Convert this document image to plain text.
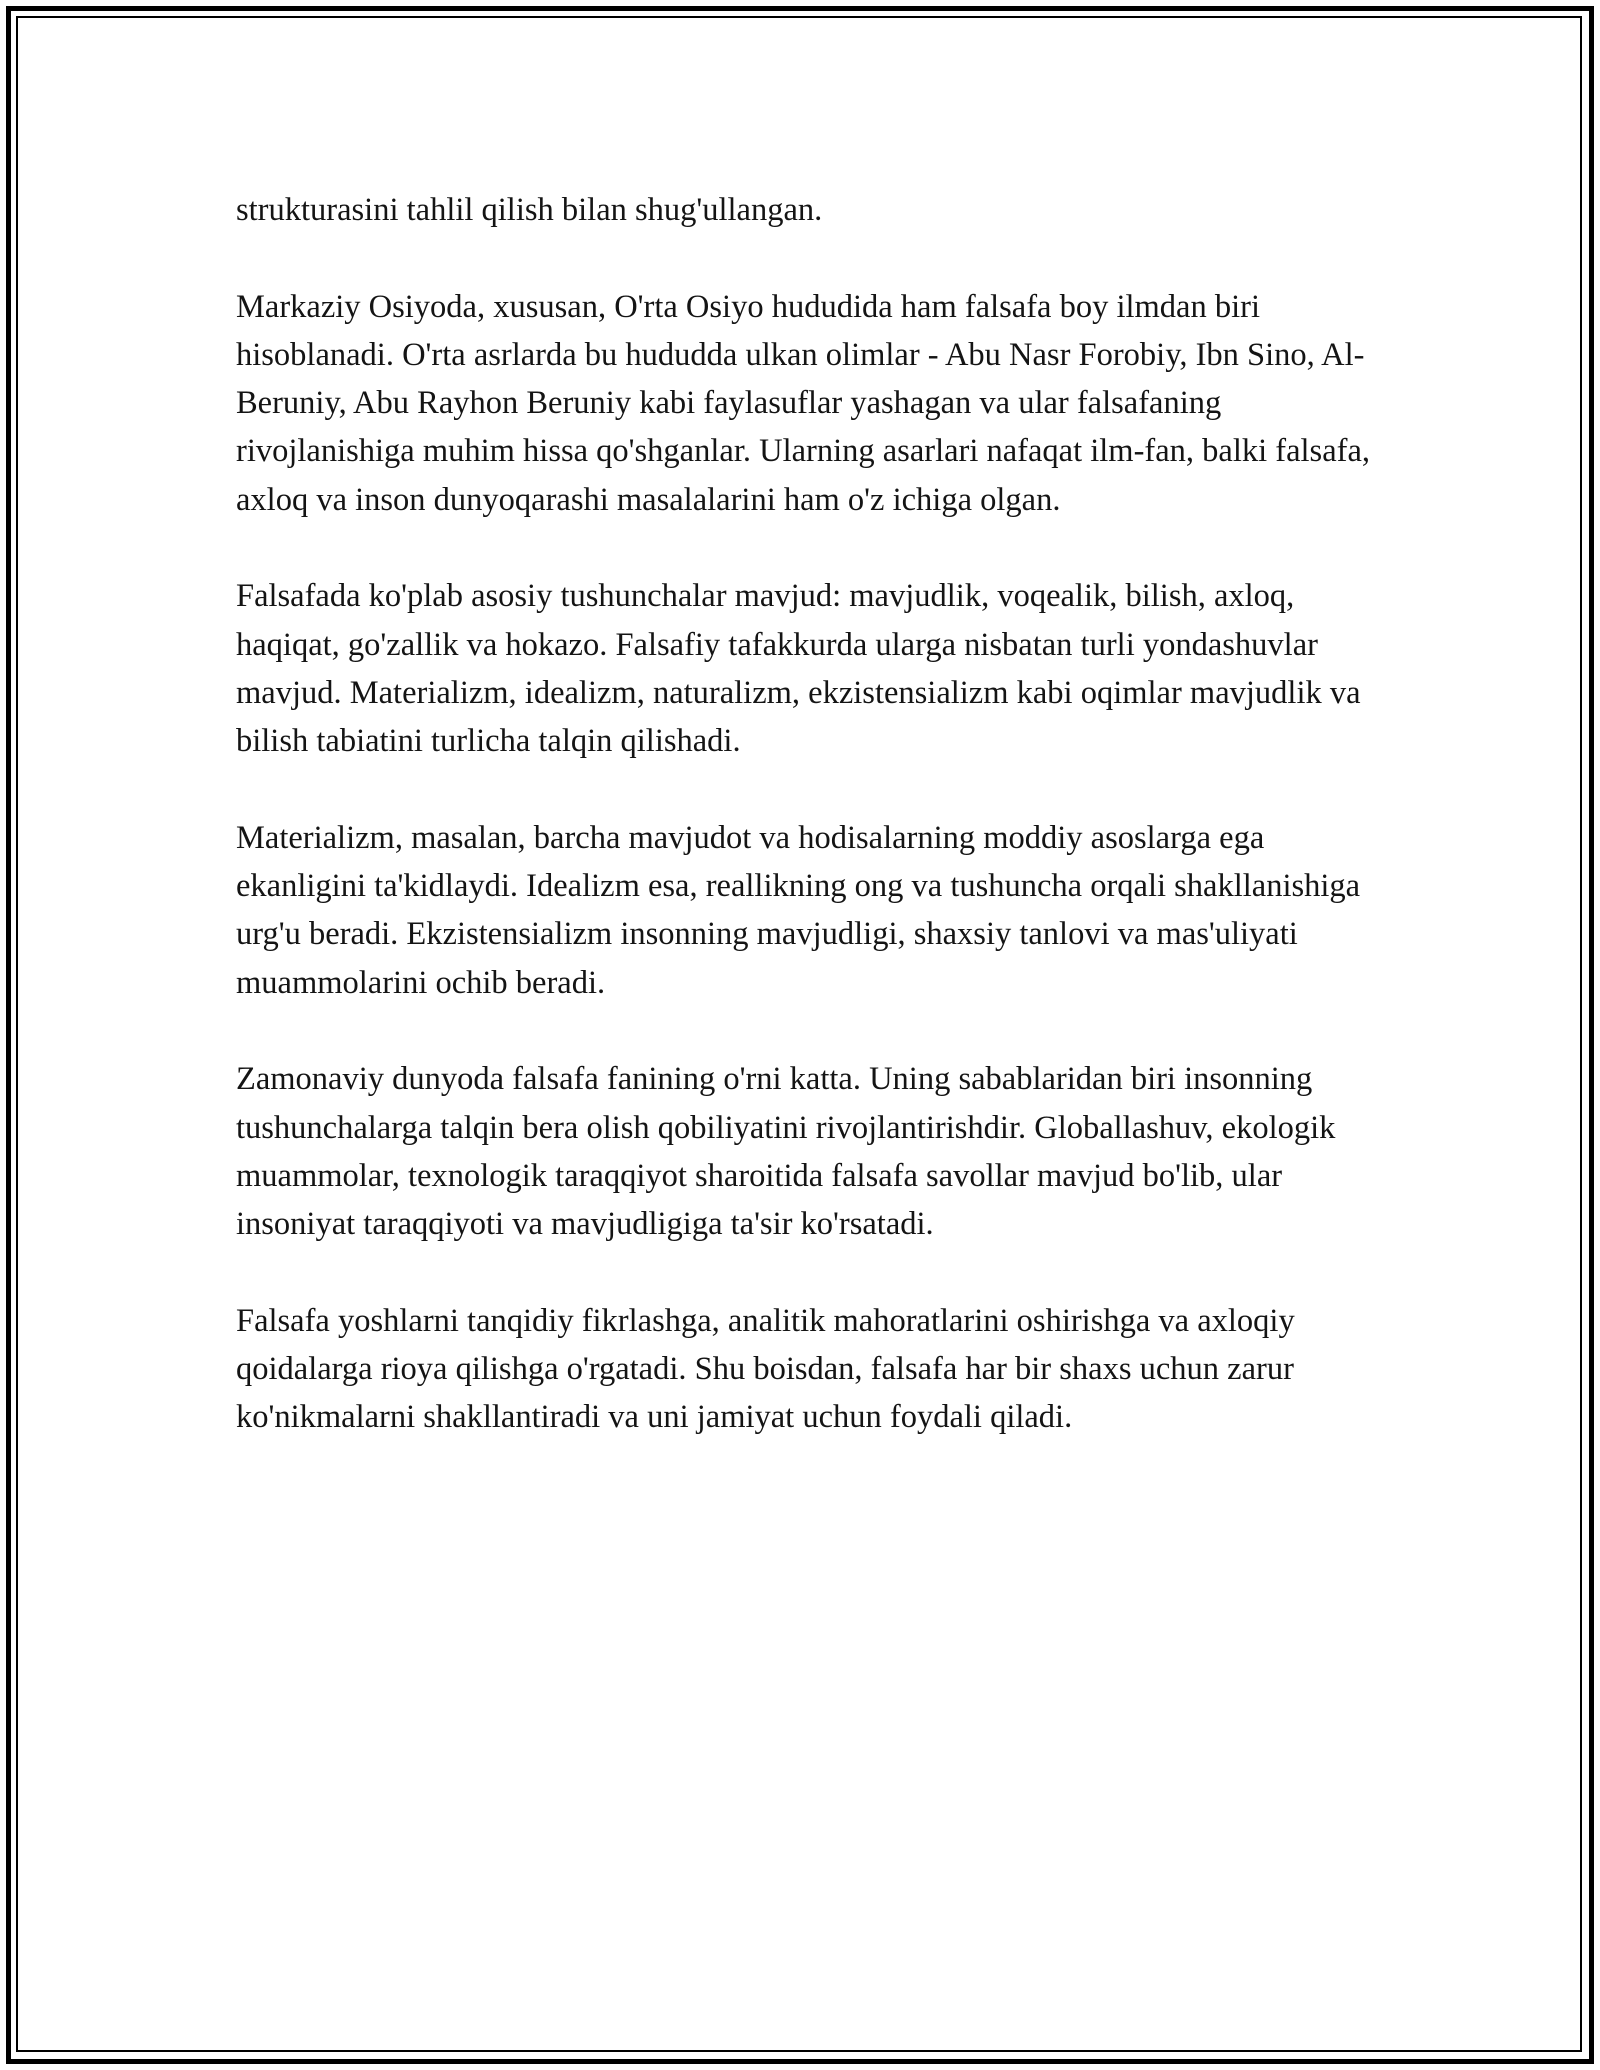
strukturasini tahlil qilish bilan shug'ullangan.

Markaziy Osiyoda, xususan, O'rta Osiyo hududida ham falsafa boy ilmdan biri hisoblanadi. O'rta asrlarda bu hududda ulkan olimlar - Abu Nasr Forobiy, Ibn Sino, Al-Beruniy, Abu Rayhon Beruniy kabi faylasuflar yashagan va ular falsafaning rivojlanishiga muhim hissa qo'shganlar. Ularning asarlari nafaqat ilm-fan, balki falsafa, axloq va inson dunyoqarashi masalalarini ham o'z ichiga olgan.

Falsafada ko'plab asosiy tushunchalar mavjud: mavjudlik, voqealik, bilish, axloq, haqiqat, go'zallik va hokazo. Falsafiy tafakkurda ularga nisbatan turli yondashuvlar mavjud. Materializm, idealizm, naturalizm, ekzistensializm kabi oqimlar mavjudlik va bilish tabiatini turlicha talqin qilishadi.

Materializm, masalan, barcha mavjudot va hodisalarning moddiy asoslarga ega ekanligini ta'kidlaydi. Idealizm esa, reallikning ong va tushuncha orqali shakllanishiga urg'u beradi. Ekzistensializm insonning mavjudligi, shaxsiy tanlovi va mas'uliyati muammolarini ochib beradi.

Zamonaviy dunyoda falsafa fanining o'rni katta. Uning sabablaridan biri insonning tushunchalarga talqin bera olish qobiliyatini rivojlantirishdir. Globallashuv, ekologik muammolar, texnologik taraqqiyot sharoitida falsafa savollar mavjud bo'lib, ular insoniyat taraqqiyoti va mavjudligiga ta'sir ko'rsatadi.

Falsafa yoshlarni tanqidiy fikrlashga, analitik mahoratlarini oshirishga va axloqiy qoidalarga rioya qilishga o'rgatadi. Shu boisdan, falsafa har bir shaxs uchun zarur ko'nikmalarni shakllantiradi va uni jamiyat uchun foydali qiladi.
